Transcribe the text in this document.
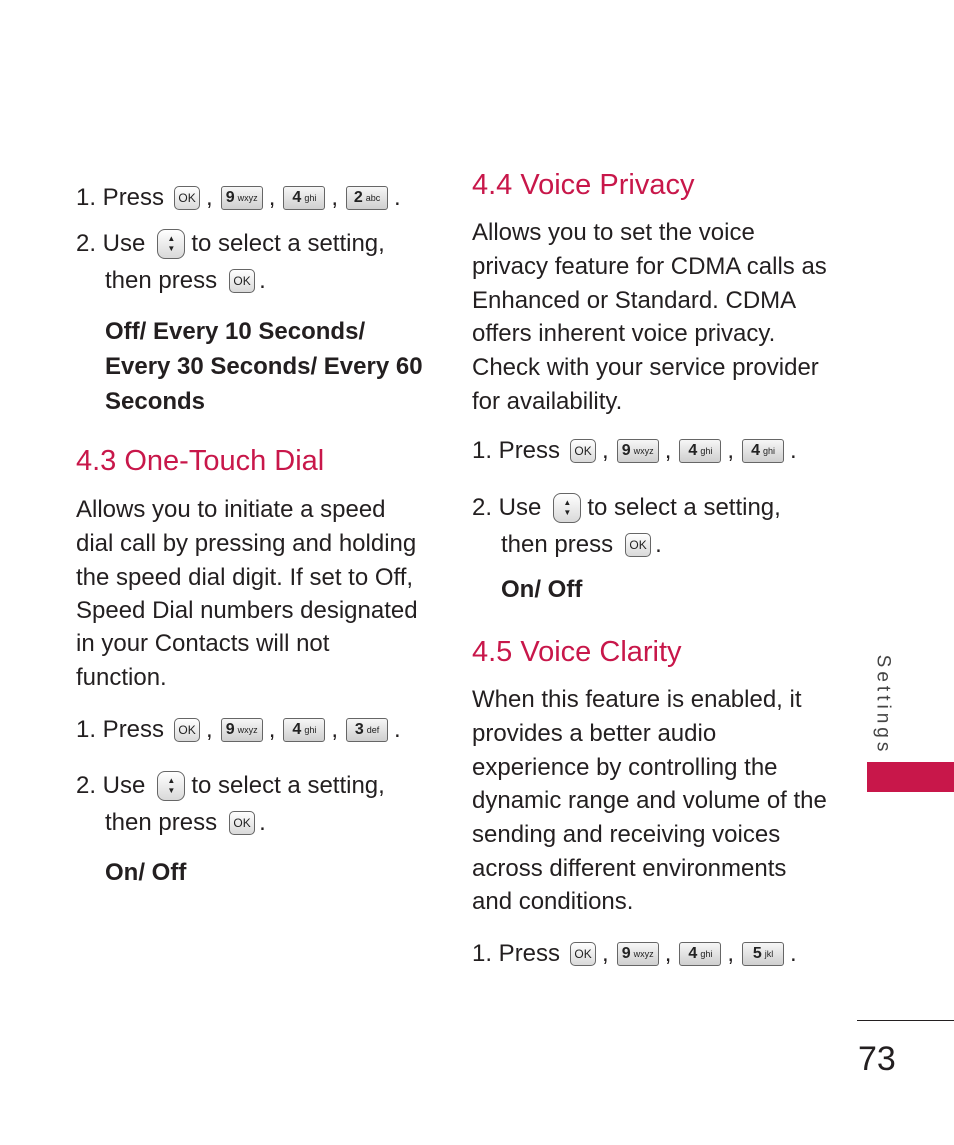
1. Press	OK , 9 wxyz , 4 ghi , 2 abc .
2. Use	▲
▼ to select a setting,
then press	OK .
Off/ Every 10 Seconds/
Every 30 Seconds/ Every 60
Seconds
4.3 One-Touch Dial
Allows you to initiate a speed
dial call by pressing and holding
the speed dial digit. If set to Off,
Speed Dial numbers designated
in your Contacts will not
function.
1. Press	OK , 9 wxyz , 4 ghi , 3 def .
2. Use	▲
▼ to select a setting,
then press	OK .
On/ Off
4.4 Voice Privacy
Allows you to set the voice
privacy feature for CDMA calls as
Enhanced or Standard. CDMA
offers inherent voice privacy.
Check with your service provider
for availability.
1. Press	OK , 9 wxyz , 4 ghi , 4 ghi .
2. Use	▲
▼ to select a setting,
then press	OK .
On/ Off
4.5 Voice Clarity
When this feature is enabled, it
provides a better audio
experience by controlling the
dynamic range and volume of the
sending and receiving voices
across different environments
and conditions.
1. Press	OK , 9 wxyz , 4 ghi , 5 jkl .
Settings
73
